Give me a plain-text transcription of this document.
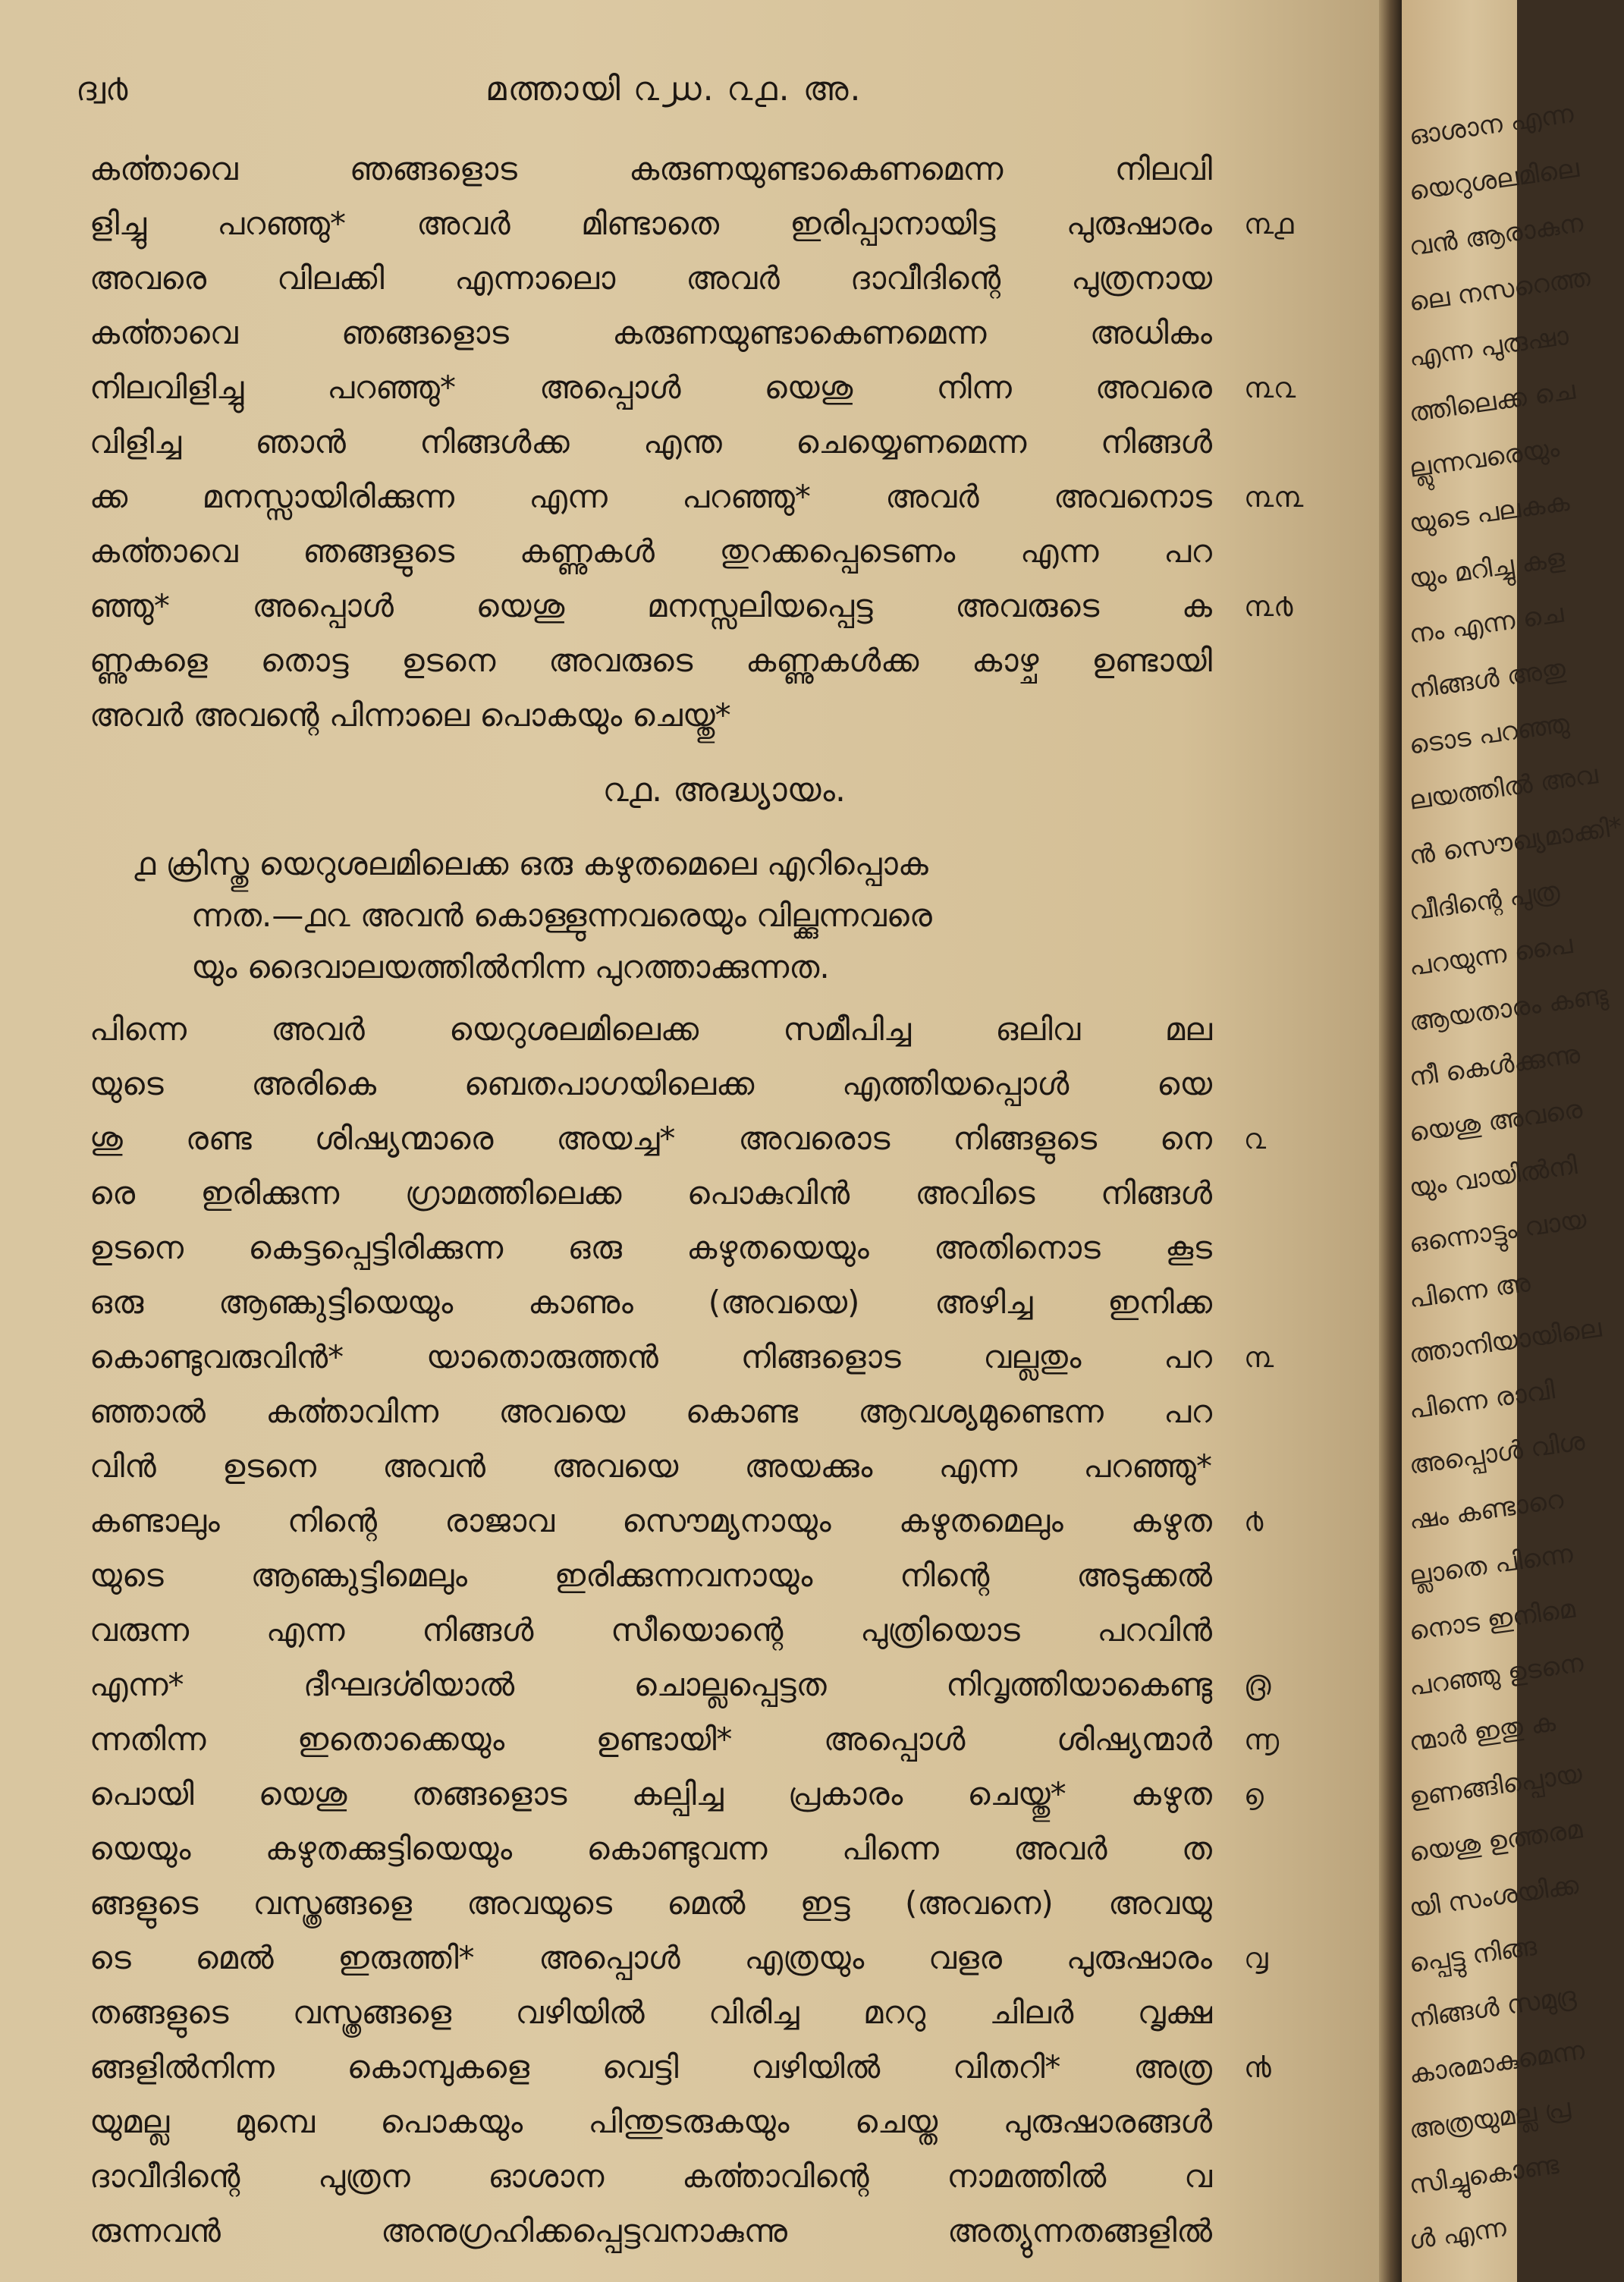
ദ്വ൪	മത്തായി ൨൰. ൨൧. അ.
കൎത്താവെ ഞങ്ങളൊട കരുണയുണ്ടാകെണമെന്ന നിലവി
ളിച്ചു പറഞ്ഞു* അവർ മിണ്ടാതെ ഇരിപ്പാനായിട്ട പുരുഷാരം
അവരെ വിലക്കി എന്നാലൊ അവർ ദാവീദിന്റെ പുത്രനായ
കൎത്താവെ ഞങ്ങളൊട കരുണയുണ്ടാകെണമെന്ന അധികം
നിലവിളിച്ചു പറഞ്ഞു* അപ്പൊൾ യെശു നിന്ന അവരെ
വിളിച്ച ഞാൻ നിങ്ങൾക്ക എന്ത ചെയ്യെണമെന്ന നിങ്ങൾ
ക്ക മനസ്സായിരിക്കുന്ന എന്ന പറഞ്ഞു* അവർ അവനൊട
കൎത്താവെ ഞങ്ങളുടെ കണ്ണുകൾ തുറക്കപ്പെടെണം എന്ന പറ
ഞ്ഞു* അപ്പൊൾ യെശു മനസ്സലിയപ്പെട്ട അവരുടെ ക
ണ്ണുകളെ തൊട്ട ഉടനെ അവരുടെ കണ്ണുകൾക്ക കാഴ്ച ഉണ്ടായി
അവർ അവന്റെ പിന്നാലെ പൊകയും ചെയ്തു*
൩൧
൩൨
൩൩
൩൪
൨൧. അദ്ധ്യായം.
൧ ക്രിസ്തു യെറുശലമിലെക്ക ഒരു കഴുതമെലെ എറിപ്പൊക
ന്നത.—൧൨ അവൻ കൊള്ളുന്നവരെയും വില്ക്കുന്നവരെ
യും ദൈവാലയത്തിൽനിന്ന പുറത്താക്കുന്നത.
പിന്നെ അവർ യെറുശലമിലെക്ക സമീപിച്ച ഒലിവ മല
യുടെ അരികെ ബെതപാഗയിലെക്ക എത്തിയപ്പൊൾ യെ
ശു രണ്ട ശിഷ്യന്മാരെ അയച്ച* അവരൊട നിങ്ങളുടെ നെ
രെ ഇരിക്കുന്ന ഗ്രാമത്തിലെക്ക പൊകുവിൻ അവിടെ നിങ്ങൾ
ഉടനെ കെട്ടപ്പെട്ടിരിക്കുന്ന ഒരു കഴുതയെയും അതിനൊട കൂട
ഒരു ആണ്കുട്ടിയെയും കാണും (അവയെ) അഴിച്ച ഇനിക്ക
കൊണ്ടുവരുവിൻ* യാതൊരുത്തൻ നിങ്ങളൊട വല്ലതും പറ
ഞ്ഞാൽ കൎത്താവിന്ന അവയെ കൊണ്ട ആവശ്യമുണ്ടെന്ന പറ
വിൻ ഉടനെ അവൻ അവയെ അയക്കും എന്ന പറഞ്ഞു*
കണ്ടാലും നിന്റെ രാജാവ സൌമ്യനായും കഴുതമെലും കഴുത
യുടെ ആണ്കുട്ടിമെലും ഇരിക്കുന്നവനായും നിന്റെ അടുക്കൽ
വരുന്ന എന്ന നിങ്ങൾ സീയൊന്റെ പുത്രിയൊട പറവിൻ
എന്ന* ദീഘദൎശിയാൽ ചൊല്ലപ്പെട്ടത നിവൃത്തിയാകെണ്ടു
ന്നതിന്ന ഇതൊക്കെയും ഉണ്ടായി* അപ്പൊൾ ശിഷ്യന്മാർ
പൊയി യെശു തങ്ങളൊട കല്പിച്ച പ്രകാരം ചെയ്തു* കഴുത
യെയും കഴുതക്കുട്ടിയെയും കൊണ്ടുവന്ന പിന്നെ അവർ ത
ങ്ങളുടെ വസ്ത്രങ്ങളെ അവയുടെ മെൽ ഇട്ട (അവനെ) അവയു
ടെ മെൽ ഇരുത്തി* അപ്പൊൾ എത്രയും വളര പുരുഷാരം
തങ്ങളുടെ വസ്ത്രങ്ങളെ വഴിയിൽ വിരിച്ച മററു ചിലർ വൃക്ഷ
ങ്ങളിൽനിന്ന കൊമ്പുകളെ വെട്ടി വഴിയിൽ വിതറി* അത്ര
യുമല്ല മുമ്പെ പൊകയും പിന്തുടരുകയും ചെയ്ത പുരുഷാരങ്ങൾ
ദാവീദിന്റെ പുത്രന ഓശാന കൎത്താവിന്റെ നാമത്തിൽ വ
രുന്നവൻ അനുഗ്രഹിക്കപ്പെട്ടവനാകുന്നു അത്യുന്നതങ്ങളിൽ
൨
൩
൪
൫
൬
൭
൮
൯
ഓശാന എന്ന
യെറുശലമിലെ
വൻ ആരാകുന
ലെ നസറെത്ത
എന്ന പുരുഷാ
ത്തിലെക്ക ചെ
ല്ലുന്നവരെയും
യുടെ പലകക
യും മറിച്ചു കള
നം എന്ന ചെ
നിങ്ങൾ അതു
ടൊട പറഞ്ഞു
ലയത്തിൽ അവ
ൻ സൌഖ്യമാക്കി*
വീദിന്റെ പുത്ര
പറയുന്ന പൈ
ആയതാരം കണ്ടു
നീ കെൾക്കുന്നു
യെശു അവരെ
യും വായിൽനി
ഒന്നൊട്ടും വായ
പിന്നെ അ
ത്താനിയായിലെ
പിന്നെ രാവി
അപ്പൊൾ വിശ
ഷം കണ്ടാറെ
ല്ലാതെ പിന്നെ
നൊട ഇനിമെ
പറഞ്ഞു ഉടനെ
ന്മാർ ഇതു ക
ഉണങ്ങിപ്പൊയ
യെശു ഉത്തരമ
യി സംശയിക്ക
പ്പെട്ടു നിങ്ങ
നിങ്ങൾ സമുദ്ര
കാരമാകുമെന്ന
അത്രയുമല്ല പ്ര
സിച്ചുകൊണ്ട
ൾ എന്ന
